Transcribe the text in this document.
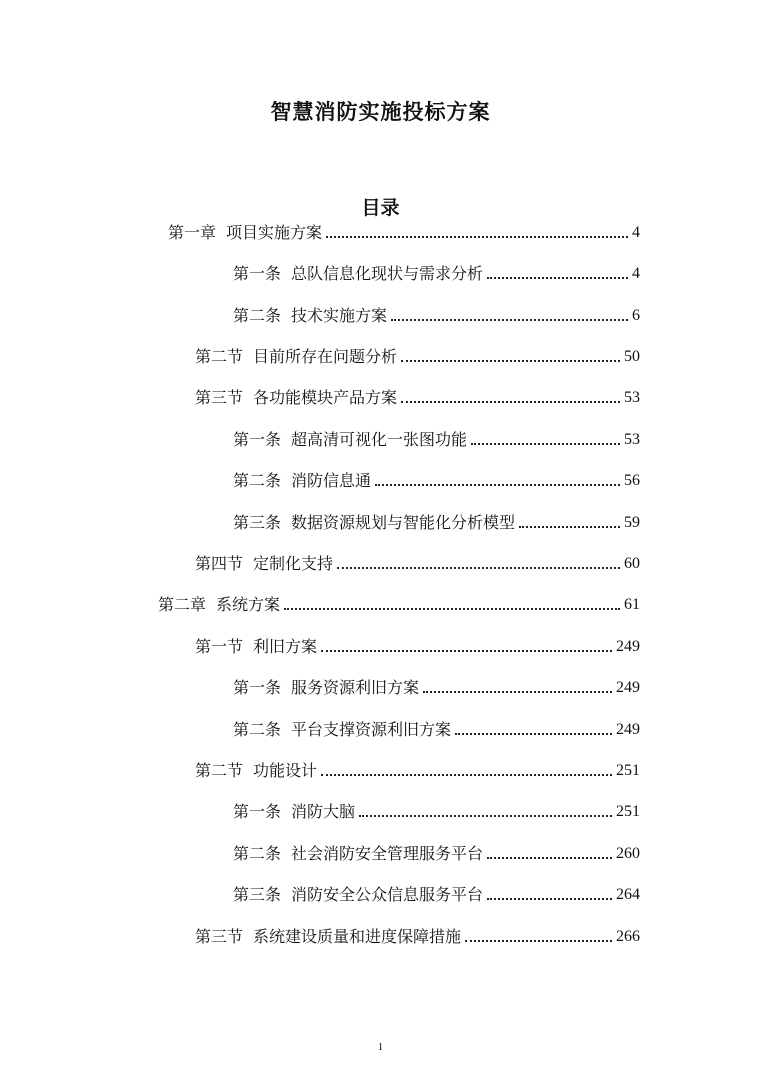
智慧消防实施投标方案
目录
第一章 项目实施方案	4
第一条 总队信息化现状与需求分析	4
第二条 技术实施方案	6
第二节 目前所存在问题分析	50
第三节 各功能模块产品方案	53
第一条 超高清可视化一张图功能	53
第二条 消防信息通	56
第三条 数据资源规划与智能化分析模型	59
第四节 定制化支持	60
第二章 系统方案	61
第一节 利旧方案	249
第一条 服务资源利旧方案	249
第二条 平台支撑资源利旧方案	249
第二节 功能设计	251
第一条 消防大脑	251
第二条 社会消防安全管理服务平台	260
第三条 消防安全公众信息服务平台	264
第三节 系统建设质量和进度保障措施	266
1
